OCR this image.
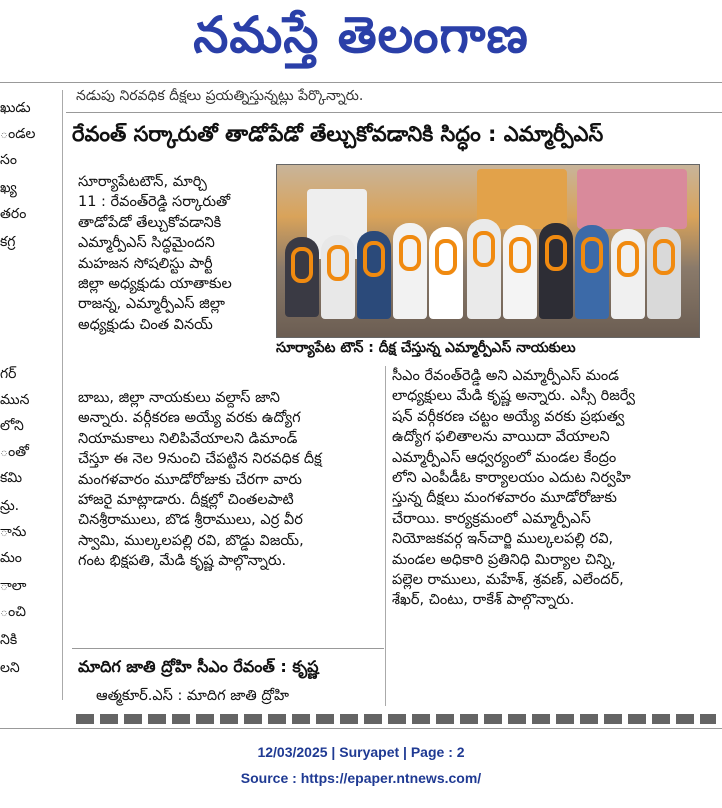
నమస్తే తెలంగాణ
ఖుడు
ండల
సం
ఖ్య
తరం
కగ్ర
గర్
మున
లోని
ంతో
కమి
న్రు.
ాను
మం
ాలా
ంచి
నికి
లని
నడుపు నిరవధిక దీక్షలు ప్రయత్నిస్తున్నట్లు పేర్కొన్నారు.
రేవంత్ సర్కారుతో తాడోపేడో తేల్చుకోవడానికి సిద్ధం : ఎమ్మార్పీఎస్
సూర్యాపేటటౌన్, మార్చి
11 : రేవంత్‌రెడ్డి సర్కారుతో
తాడోపేడో తేల్చుకోవడానికి
ఎమ్మార్పీఎస్ సిద్ధమైందని
మహజన సోషలిస్టు పార్టీ
జిల్లా అధ్యక్షుడు యాతాకుల
రాజన్న, ఎమ్మార్పీఎస్ జిల్లా
అధ్యక్షుడు చింత వినయ్
సూర్యాపేట టౌన్ : దీక్ష చేస్తున్న ఎమ్మార్పీఎస్ నాయకులు
బాబు, జిల్లా నాయకులు వల్దాస్ జాని
అన్నారు. వర్గీకరణ అయ్యే వరకు ఉద్యోగ
నియామకాలు నిలిపివేయాలని డిమాండ్
చేస్తూ ఈ నెల 9నుంచి చేపట్టిన నిరవధిక దీక్ష
మంగళవారం మూడోరోజుకు చేరగా వారు
హాజరై మాట్లాడారు. దీక్షల్లో చింతలపాటి
చినశ్రీరాములు, బొడ శ్రీరాములు, ఎర్ర వీర
స్వామి, ముల్కలపల్లి రవి, బొడ్డు విజయ్,
గంట భిక్షపతి, మేడి కృష్ణ పాల్గొన్నారు.
సీఎం రేవంత్‌రెడ్డి అని ఎమ్మార్పీఎస్ మండ
లాధ్యక్షులు మేడి కృష్ణ అన్నారు. ఎస్సీ రిజర్వే
షన్ వర్గీకరణ చట్టం అయ్యే వరకు ప్రభుత్వ
ఉద్యోగ ఫలితాలను వాయిదా వేయాలని
ఎమ్మార్పీఎస్ ఆధ్వర్యంలో మండల కేంద్రం
లోని ఎంపీడీఓ కార్యాలయం ఎదుట నిర్వహి
స్తున్న దీక్షలు మంగళవారం మూడోరోజుకు
చేరాయి. కార్యక్రమంలో ఎమ్మార్పీఎస్
నియోజకవర్గ ఇన్‌చార్జి ముల్కలపల్లి రవి,
మండల అధికారి ప్రతినిధి మిర్యాల చిన్ని,
పల్లెల రాములు, మహేశ్, శ్రవణ్, ఎలేందర్,
శేఖర్, చింటు, రాకేశ్ పాల్గొన్నారు.
మాదిగ జాతి ద్రోహి సీఎం రేవంత్ : కృష్ణ
ఆత్మకూర్.ఎస్ : మాదిగ జాతి ద్రోహి
12/03/2025 | Suryapet | Page : 2
Source : https://epaper.ntnews.com/
